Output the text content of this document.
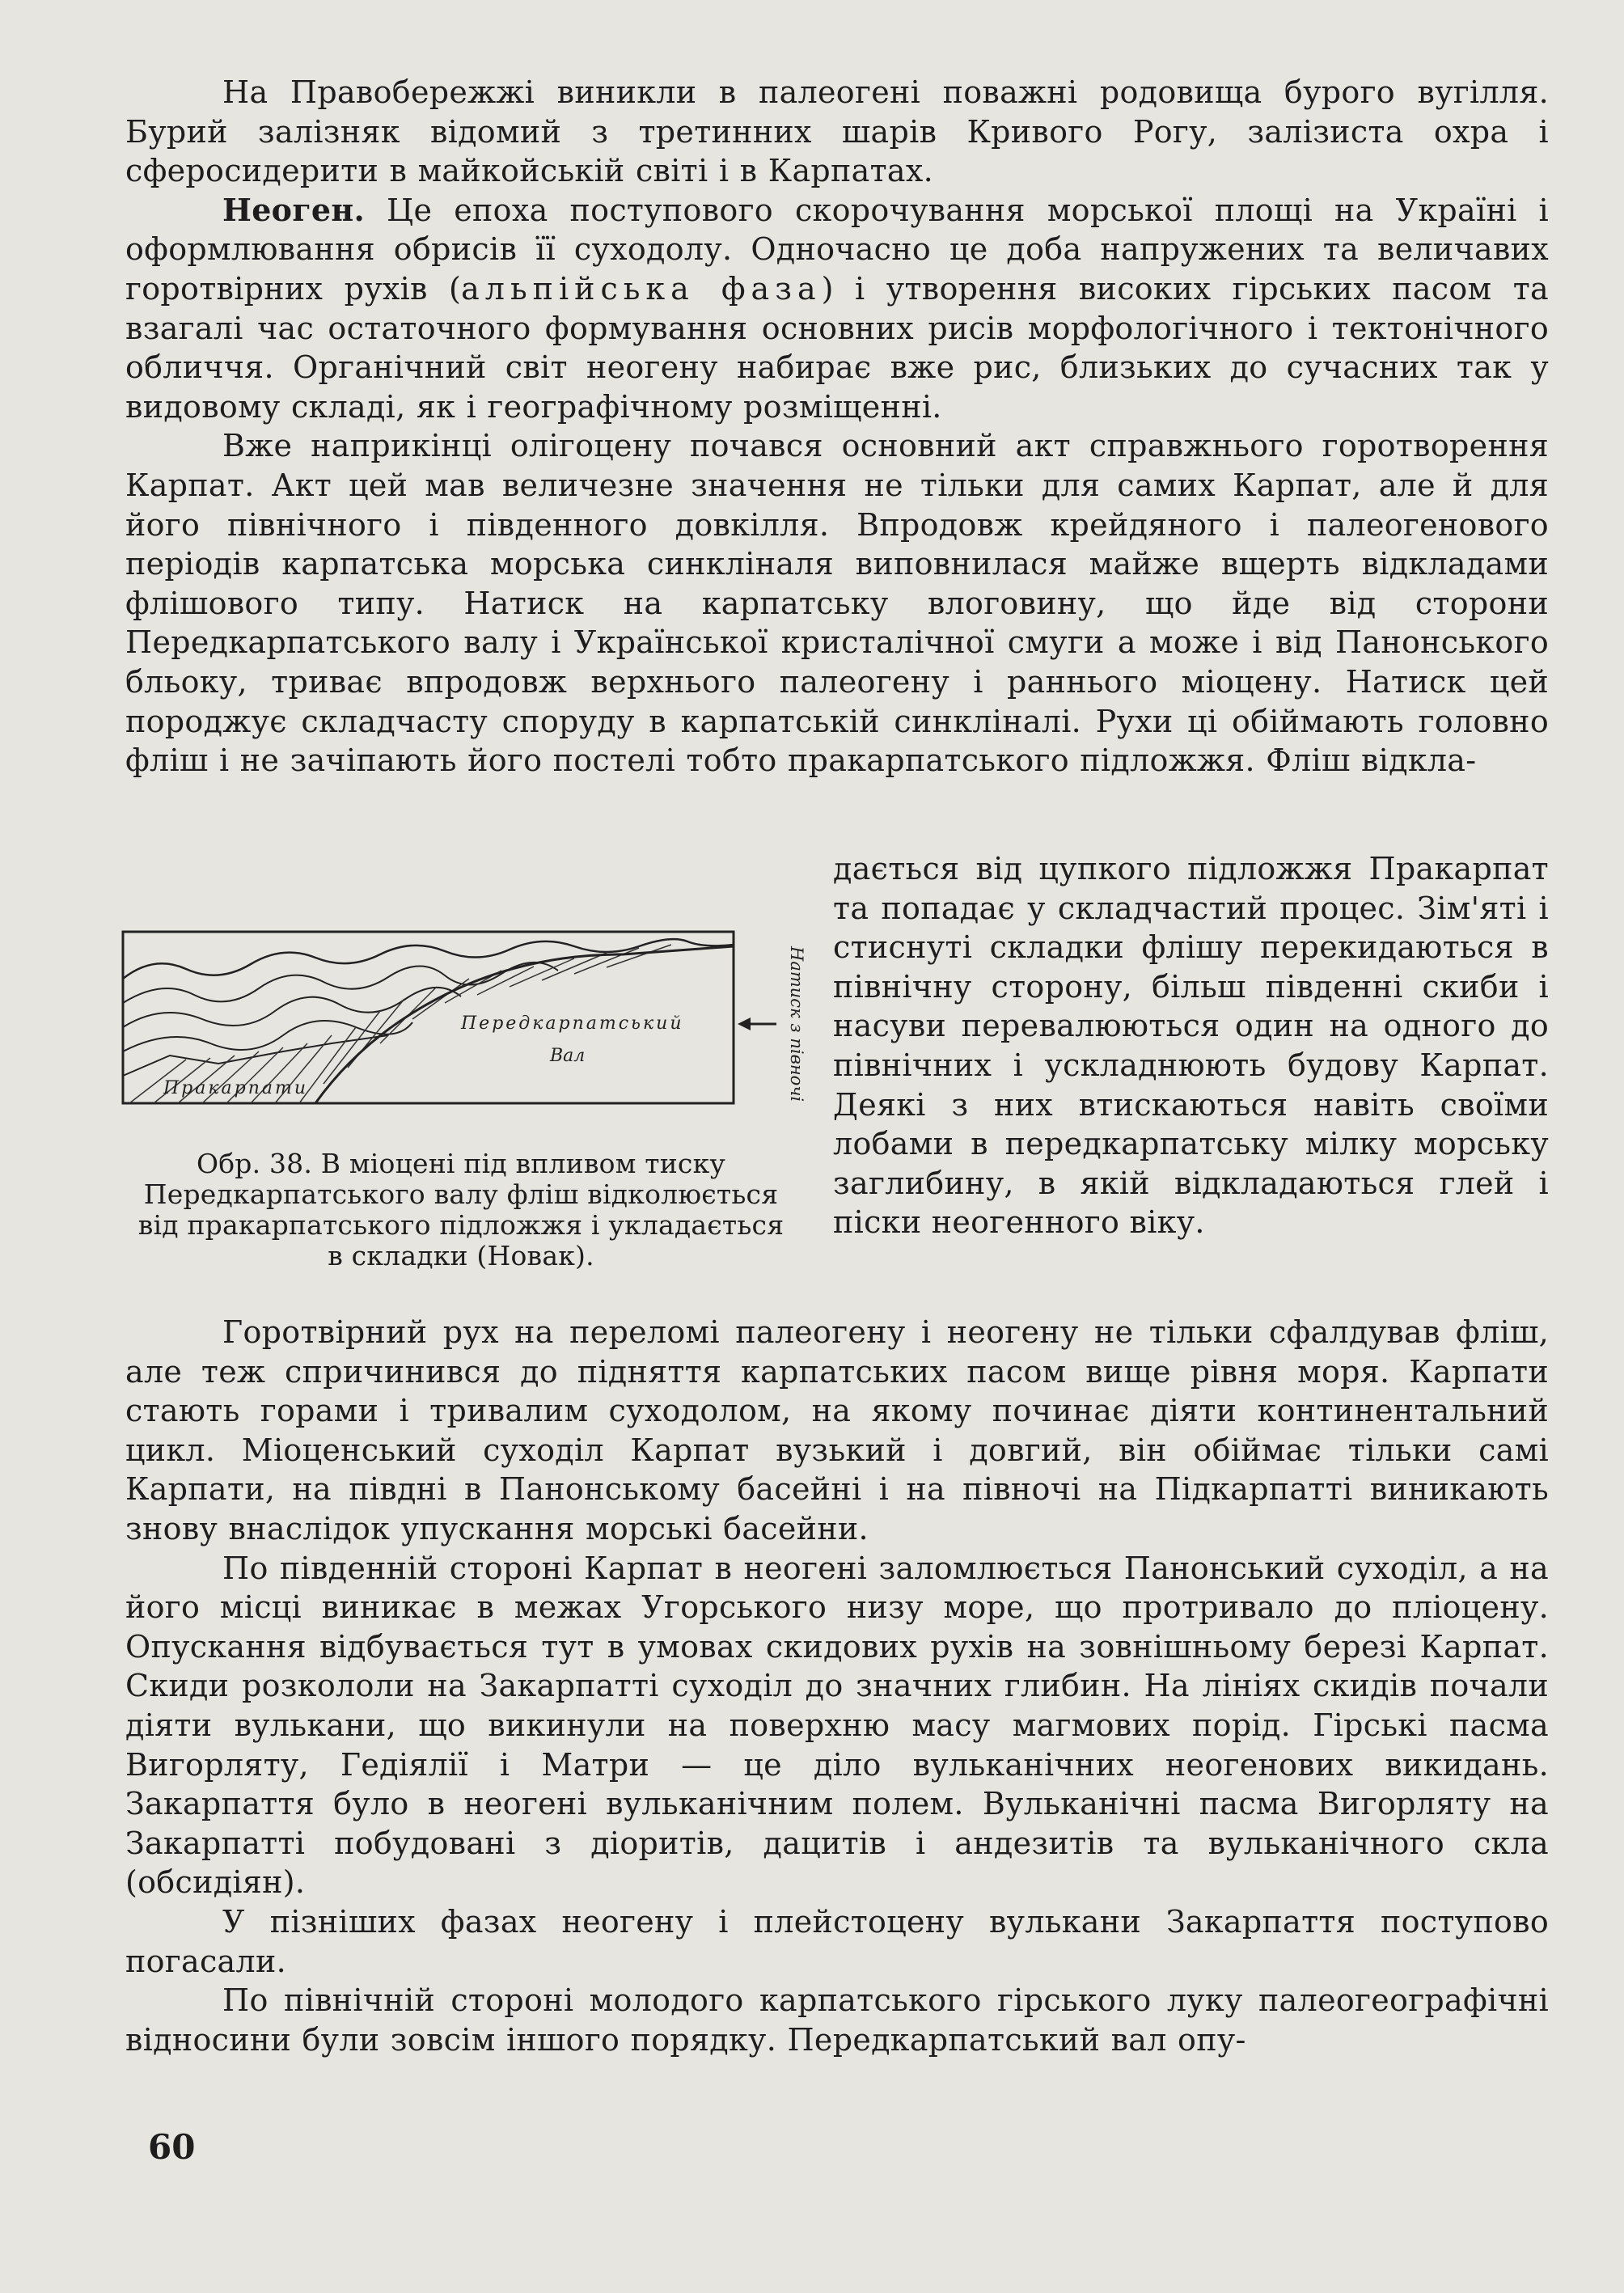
На Правобережжі виникли в палеогені поважні родовища бурого вугілля. Бурий залізняк відомий з третинних шарів Кривого Рогу, залізиста охра і сферосидерити в майкойській світі і в Карпатах.

Неоген. Це епоха поступового скорочування морської площі на Україні і оформлювання обрисів її суходолу. Одночасно це доба напружених та величавих горотвірних рухів (альпійська фаза) і утворення високих гірських пасом та взагалі час остаточного формування основних рисів морфологічного і тектонічного обличчя. Органічний світ неогену набирає вже рис, близьких до сучасних так у видовому складі, як і географічному розміщенні.

Вже наприкінці олігоцену почався основний акт справжнього горотворення Карпат. Акт цей мав величезне значення не тільки для самих Карпат, але й для його північного і південного довкілля. Впродовж крейдяного і палеогенового періодів карпатська морська синкліналя виповнилася майже вщерть відкладами флішового типу. Натиск на карпатську влоговину, що йде від сторони Передкарпатського валу і Української кристалічної смуги а може і від Панонського бльоку, триває впродовж верхнього палеогену і раннього міоцену. Натиск цей породжує складчасту споруду в карпатській синкліналі. Рухи ці обіймають головно фліш і не зачіпають його постелі тобто пракарпатського підложжя. Фліш відкла-

Передкарпатський
Вал
Пракарпати	Натиск з півночі
Обр. 38. В міоцені під впливом тиску Передкарпатського валу фліш відколюється від пракарпатського підложжя і укладається в складки (Новак).

дається від цупкого підложжя Пракарпат та попадає у складчастий процес. Зім'яті і стиснуті складки флішу перекидаються в північну сторону, більш південні скиби і насуви перевалюються один на одного до північних і ускладнюють будову Карпат. Деякі з них втискаються навіть своїми лобами в передкарпатську мілку морську заглибину, в якій відкладаються глей і піски неогенного віку.

Горотвірний рух на переломі палеогену і неогену не тільки сфалдував фліш, але теж спричинився до підняття карпатських пасом вище рівня моря. Карпати стають горами і тривалим суходолом, на якому починає діяти континентальний цикл. Міоценський суходіл Карпат вузький і довгий, він обіймає тільки самі Карпати, на півдні в Панонському басейні і на півночі на Підкарпатті виникають знову внаслідок упускання морські басейни.

По південній стороні Карпат в неогені заломлюється Панонський суходіл, а на його місці виникає в межах Угорського низу море, що протривало до пліоцену. Опускання відбувається тут в умовах скидових рухів на зовнішньому березі Карпат. Скиди розкололи на Закарпатті суходіл до значних глибин. На лініях скидів почали діяти вулькани, що викинули на поверхню масу магмових порід. Гірські пасма Вигорляту, Гедіялії і Матри — це діло вульканічних неогенових викидань. Закарпаття було в неогені вульканічним полем. Вульканічні пасма Вигорляту на Закарпатті побудовані з діоритів, дацитів і андезитів та вульканічного скла (обсидіян).

У пізніших фазах неогену і плейстоцену вулькани Закарпаття поступово погасали.

По північній стороні молодого карпатського гірського луку палеогеографічні відносини були зовсім іншого порядку. Передкарпатський вал опу-

60
